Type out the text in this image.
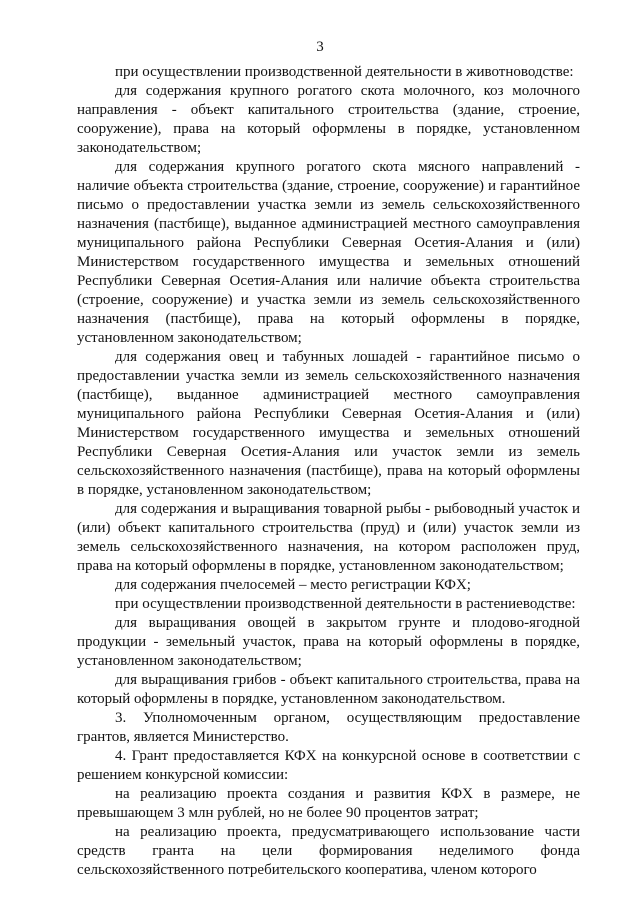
3

при осуществлении производственной деятельности в животноводстве:

для содержания крупного рогатого скота молочного, коз молочного направления - объект капитального строительства (здание, строение, сооружение), права на который оформлены в порядке, установленном законодательством;

для содержания крупного рогатого скота мясного направлений - наличие объекта строительства (здание, строение, сооружение) и гарантийное письмо о предоставлении участка земли из земель сельскохозяйственного назначения (пастбище), выданное администрацией местного самоуправления муниципального района Республики Северная Осетия-Алания и (или) Министерством государственного имущества и земельных отношений Республики Северная Осетия-Алания или наличие объекта строительства (строение, сооружение) и участка земли из земель сельскохозяйственного назначения (пастбище), права на который оформлены в порядке, установленном законодательством;

для содержания овец и табунных лошадей - гарантийное письмо о предоставлении участка земли из земель сельскохозяйственного назначения (пастбище), выданное администрацией местного самоуправления муниципального района Республики Северная Осетия-Алания и (или) Министерством государственного имущества и земельных отношений Республики Северная Осетия-Алания или участок земли из земель сельскохозяйственного назначения (пастбище), права на который оформлены в порядке, установленном законодательством;

для содержания и выращивания товарной рыбы - рыбоводный участок и (или) объект капитального строительства (пруд) и (или) участок земли из земель сельскохозяйственного назначения, на котором расположен пруд, права на который оформлены в порядке, установленном законодательством;

для содержания пчелосемей – место регистрации КФХ;

при осуществлении производственной деятельности в растениеводстве:

для выращивания овощей в закрытом грунте и плодово-ягодной продукции - земельный участок, права на который оформлены в порядке, установленном законодательством;

для выращивания грибов - объект капитального строительства, права на который оформлены в порядке, установленном законодательством.

3. Уполномоченным органом, осуществляющим предоставление грантов, является Министерство.

4. Грант предоставляется КФХ на конкурсной основе в соответствии с решением конкурсной комиссии:

на реализацию проекта создания и развития КФХ в размере, не превышающем 3 млн рублей, но не более 90 процентов затрат;

на реализацию проекта, предусматривающего использование части средств гранта на цели формирования неделимого фонда сельскохозяйственного потребительского кооператива, членом которого
